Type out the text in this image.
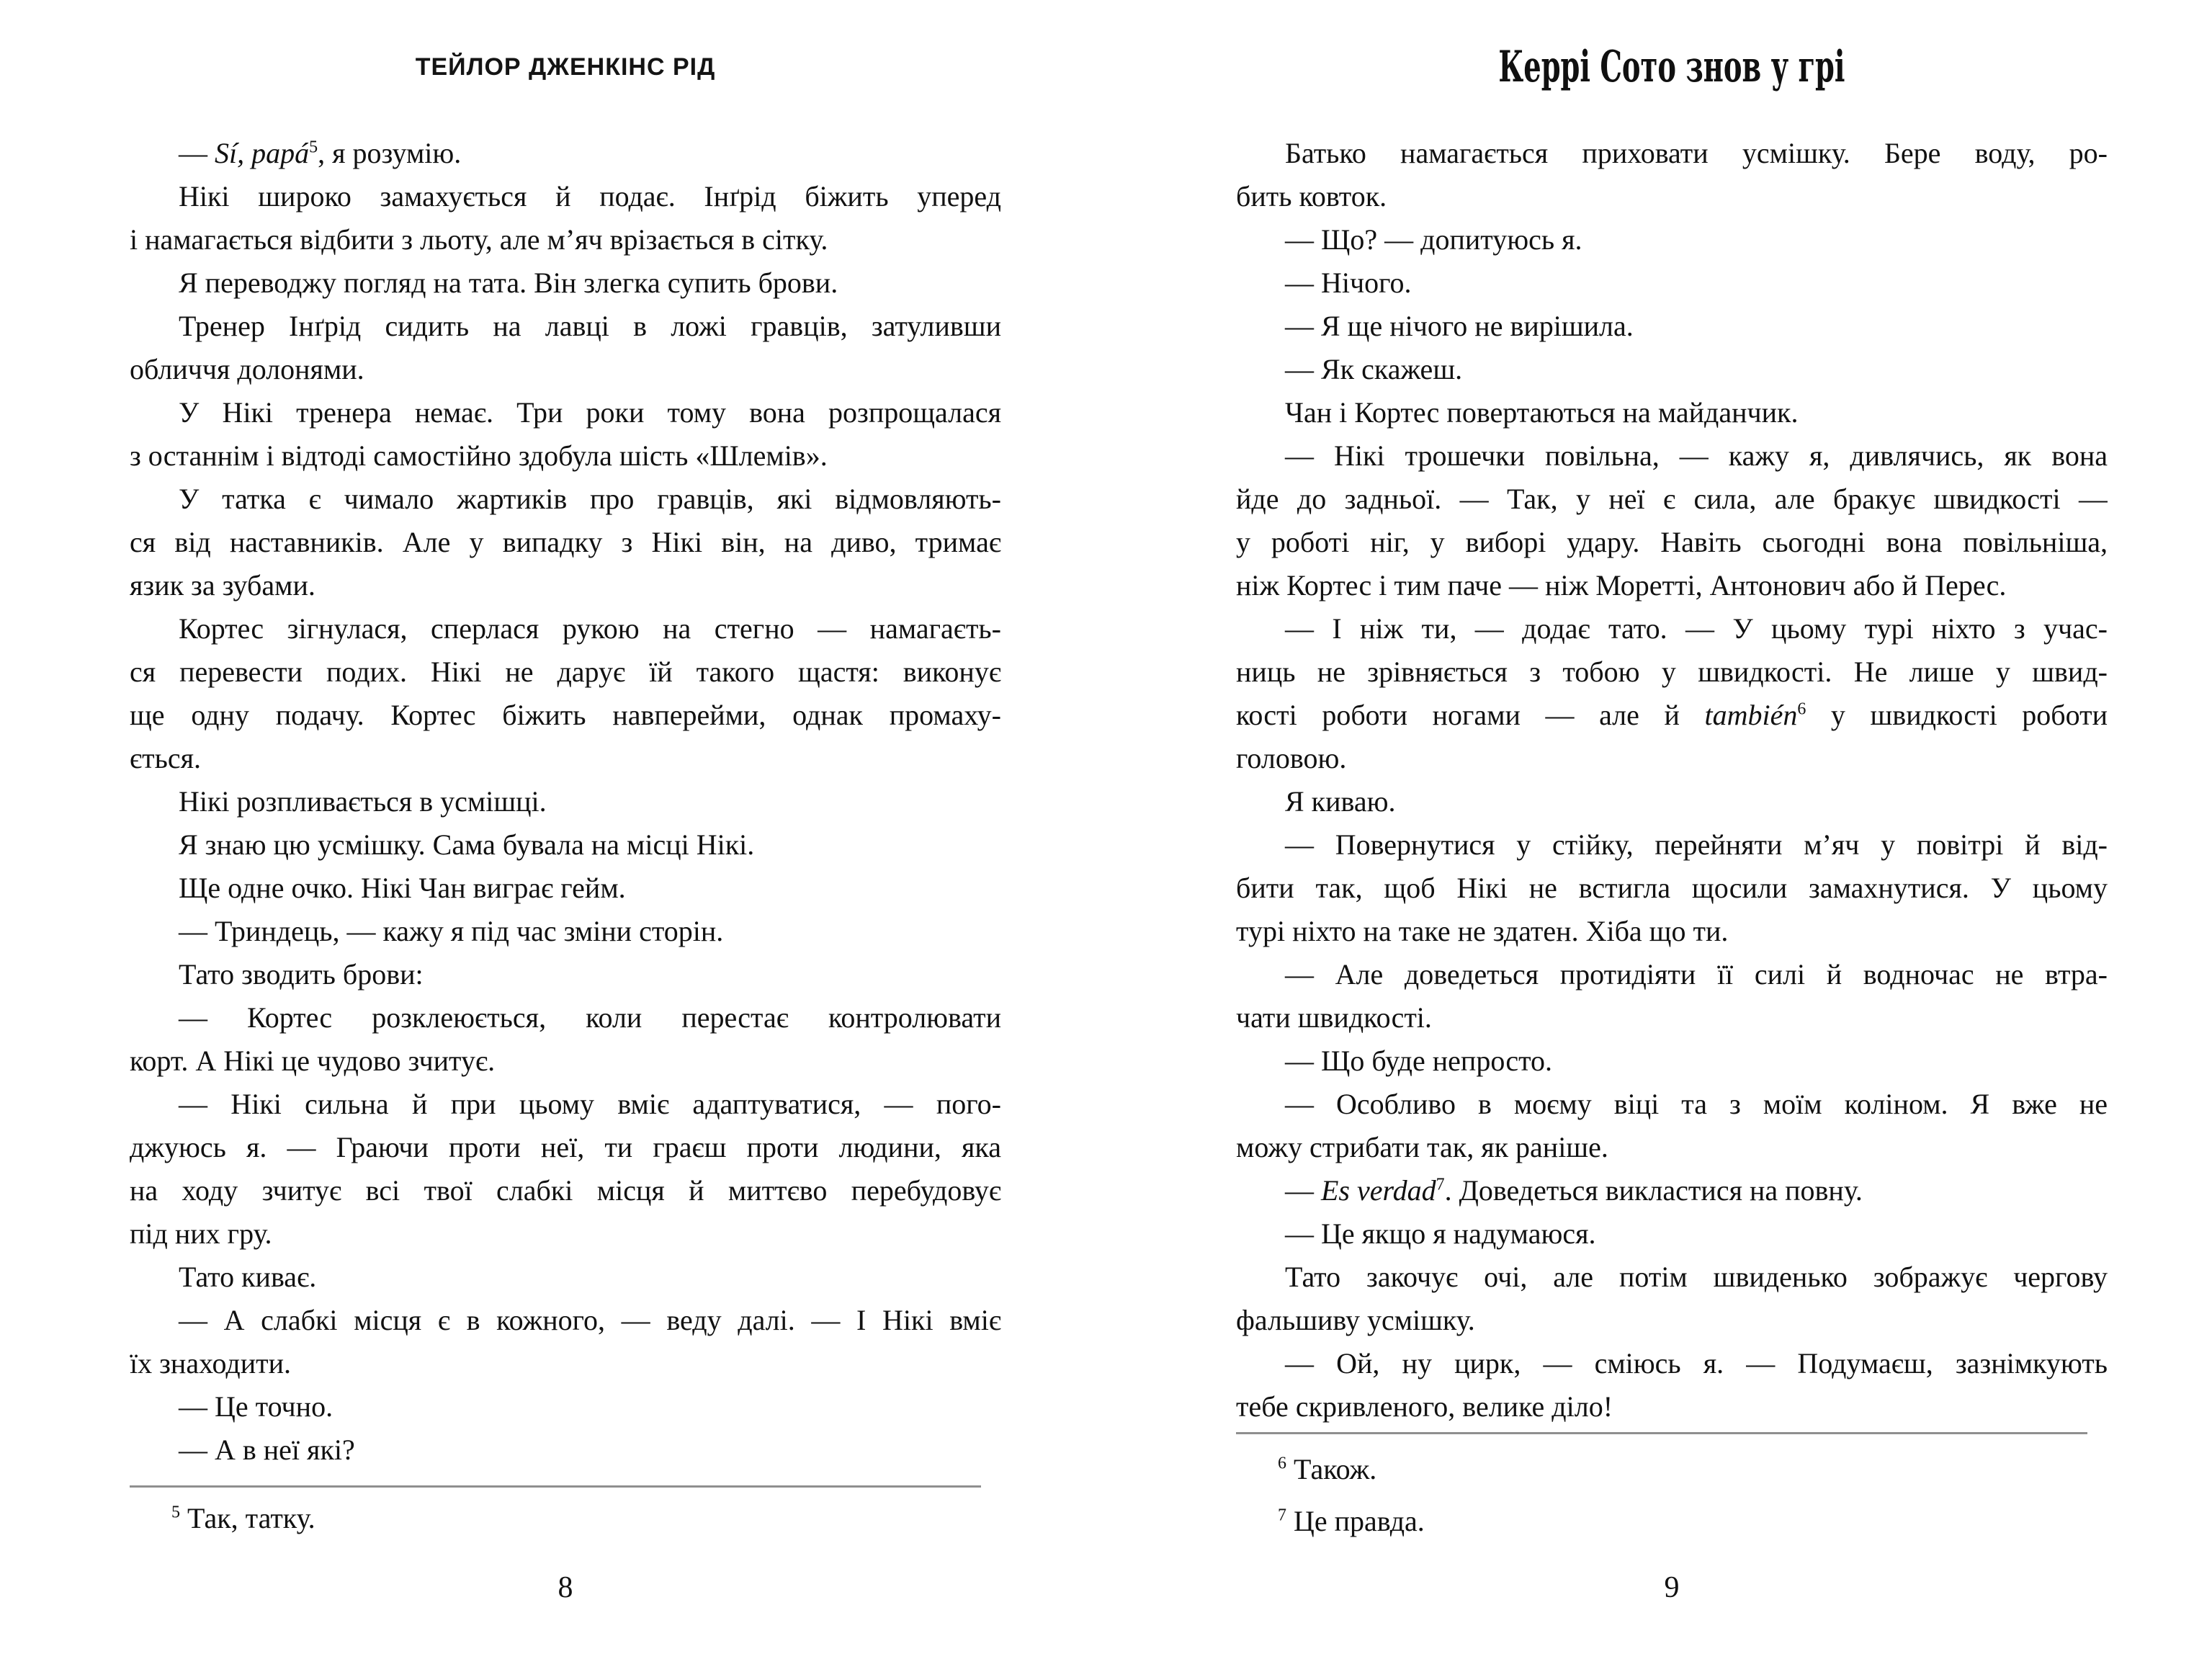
ТЕЙЛОР ДЖЕНКІНС РІД
— Sí, papá$^5$, я розумію.
Нікі широко замахується й подає. Інґрід біжить уперед
і намагається відбити з льоту, але м’яч врізається в сітку.
Я переводжу погляд на тата. Він злегка супить брови.
Тренер Інґрід сидить на лавці в ложі гравців, затуливши
обличчя долонями.
У Нікі тренера немає. Три роки тому вона розпрощалася
з останнім і відтоді самостійно здобула шість «Шлемів».
У татка є чимало жартиків про гравців, які відмовляють-
ся від наставників. Але у випадку з Нікі він, на диво, тримає
язик за зубами.
Кортес зігнулася, сперлася рукою на стегно — намагаєть-
ся перевести подих. Нікі не дарує їй такого щастя: виконує
ще одну подачу. Кортес біжить навперейми, однак промаху-
ється.
Нікі розпливається в усмішці.
Я знаю цю усмішку. Сама бувала на місці Нікі.
Ще одне очко. Нікі Чан виграє гейм.
— Триндець, — кажу я під час зміни сторін.
Тато зводить брови:
— Кортес розклеюється, коли перестає контролювати
корт. А Нікі це чудово зчитує.
— Нікі сильна й при цьому вміє адаптуватися, — пого-
джуюсь я. — Граючи проти неї, ти граєш проти людини, яка
на ходу зчитує всі твої слабкі місця й миттєво перебудовує
під них гру.
Тато киває.
— А слабкі місця є в кожного, — веду далі. — І Нікі вміє
їх знаходити.
— Це точно.
— А в неї які?
$^5$ Так, татку.
8
Керрі Сото знов у грі
Батько намагається приховати усмішку. Бере воду, ро-
бить ковток.
— Що? — допитуюсь я.
— Нічого.
— Я ще нічого не вирішила.
— Як скажеш.
Чан і Кортес повертаються на майданчик.
— Нікі трошечки повільна, — кажу я, дивлячись, як вона
йде до задньої. — Так, у неї є сила, але бракує швидкості —
у роботі ніг, у виборі удару. Навіть сьогодні вона повільніша,
ніж Кортес і тим паче — ніж Моретті, Антонович або й Перес.
— І ніж ти, — додає тато. — У цьому турі ніхто з учас-
ниць не зрівняється з тобою у швидкості. Не лише у швид-
кості роботи ногами — але й también$^6$ у швидкості роботи
головою.
Я киваю.
— Повернутися у стійку, перейняти м’яч у повітрі й від-
бити так, щоб Нікі не встигла щосили замахнутися. У цьому
турі ніхто на таке не здатен. Хіба що ти.
— Але доведеться протидіяти її силі й водночас не втра-
чати швидкості.
— Що буде непросто.
— Особливо в моєму віці та з моїм коліном. Я вже не
можу стрибати так, як раніше.
— Es verdad$^7$. Доведеться викластися на повну.
— Це якщо я надумаюся.
Тато закочує очі, але потім швиденько зображує чергову
фальшиву усмішку.
— Ой, ну цирк, — сміюсь я. — Подумаєш, зазнімкують
тебе скривленого, велике діло!
$^6$ Також.
$^7$ Це правда.
9
